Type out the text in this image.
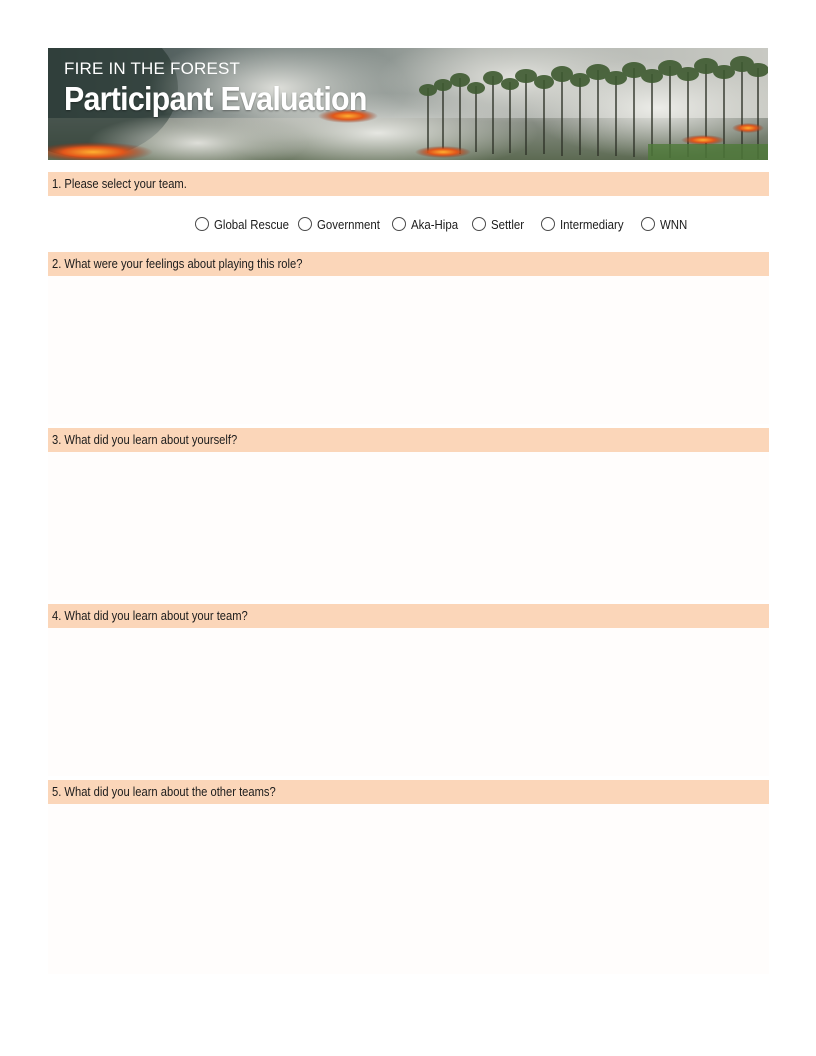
FIRE IN THE FOREST
Participant Evaluation
1. Please select your team.
Global Rescue Government Aka-Hipa	Settler	Intermediary	WNN
2. What were your feelings about playing this role?
3. What did you learn about yourself?
4. What did you learn about your team?
5. What did you learn about the other teams?
